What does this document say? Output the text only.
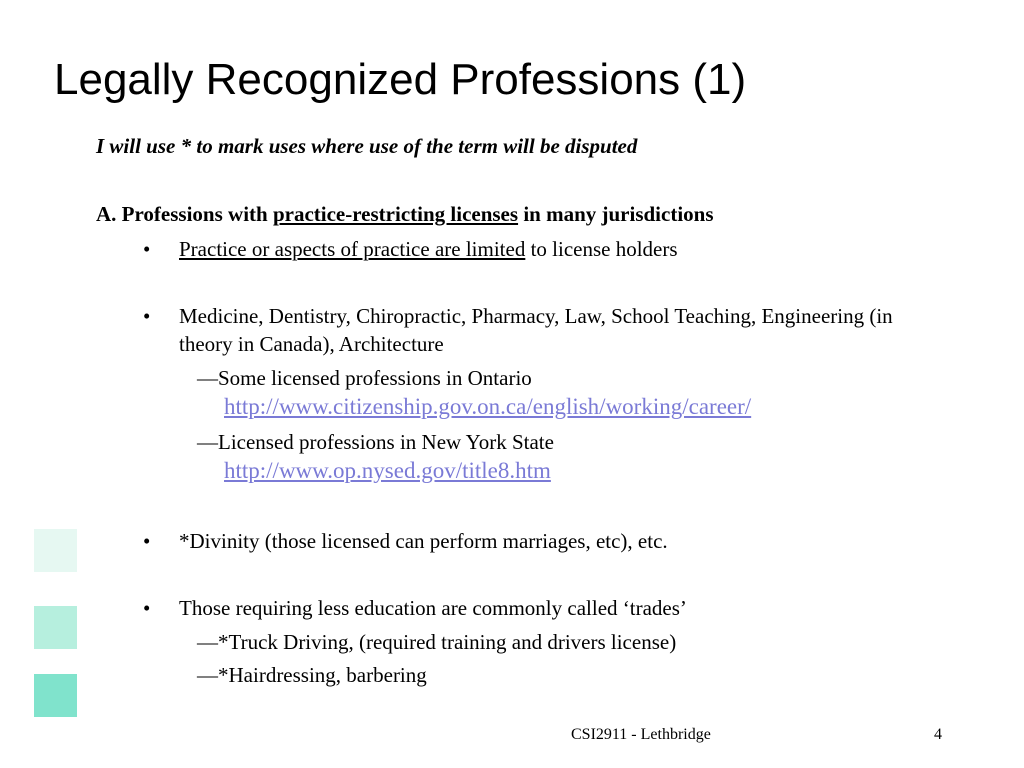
Legally Recognized Professions (1)
I will use * to mark uses where use of the term will be disputed
A. Professions with practice-restricting licenses in many jurisdictions
• Practice or aspects of practice are limited to license holders
• Medicine, Dentistry, Chiropractic, Pharmacy, Law, School Teaching, Engineering (in theory in Canada), Architecture
—Some licensed professions in Ontario
http://www.citizenship.gov.on.ca/english/working/career/
—Licensed professions in New York State
http://www.op.nysed.gov/title8.htm
• *Divinity (those licensed can perform marriages, etc), etc.
• Those requiring less education are commonly called ‘trades’
—*Truck Driving, (required training and drivers license)
—*Hairdressing, barbering
CSI2911 - Lethbridge	4
